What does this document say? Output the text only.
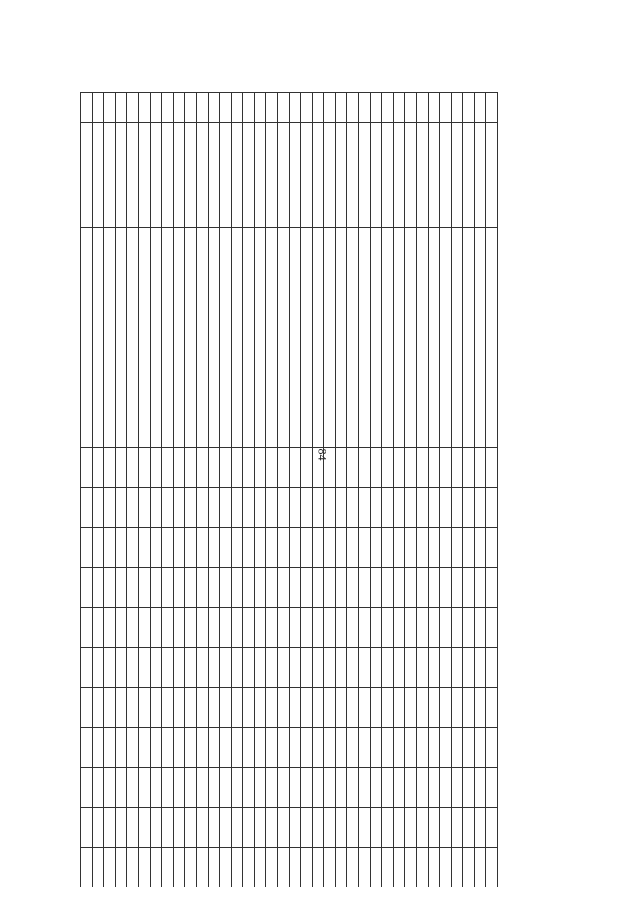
84
